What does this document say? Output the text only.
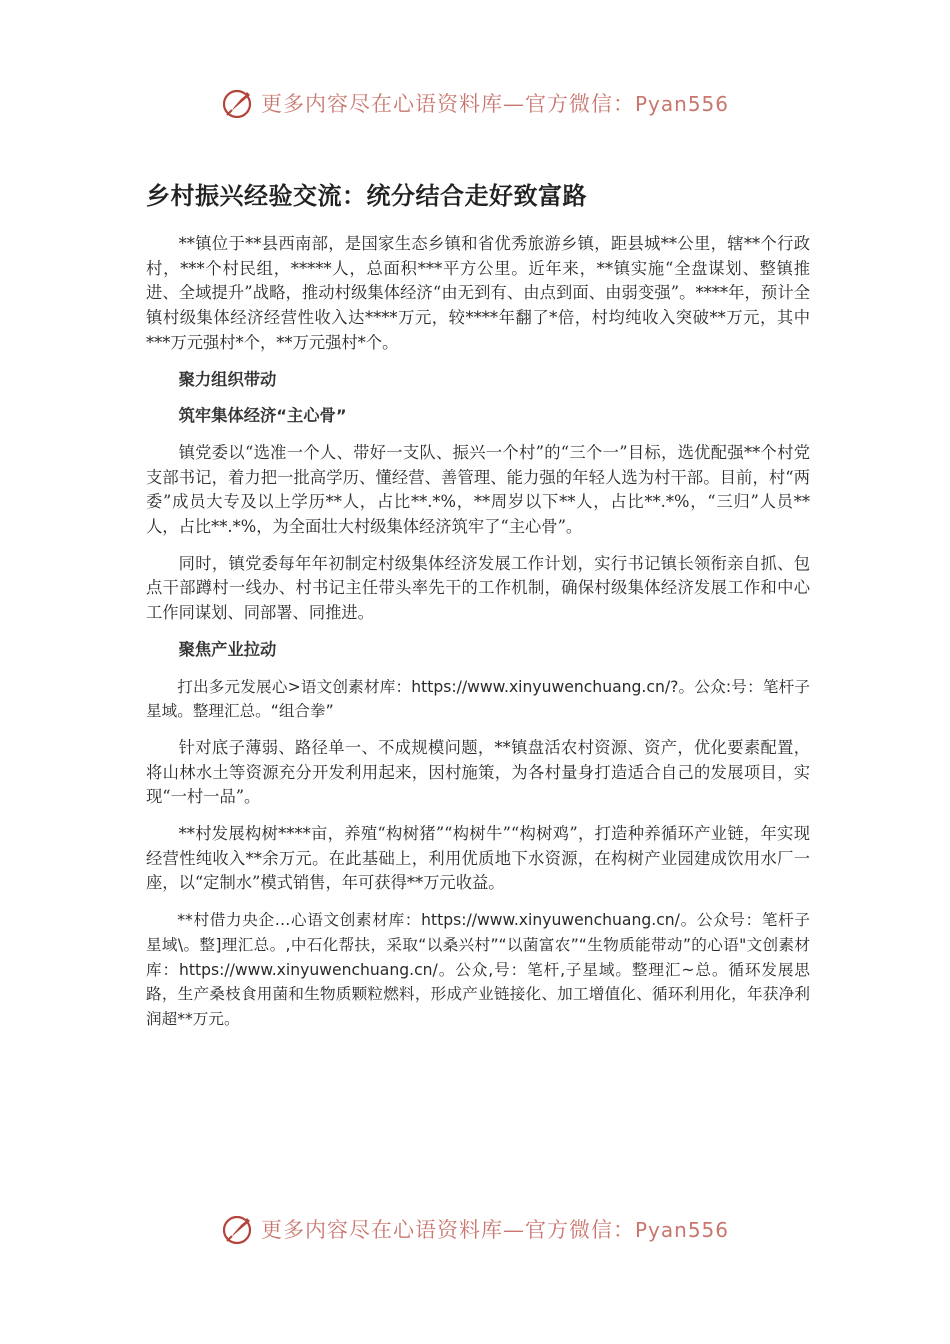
更多内容尽在心语资料库—官方微信：Pyan556
乡村振兴经验交流：统分结合走好致富路

**镇位于**县西南部，是国家生态乡镇和省优秀旅游乡镇，距县城**公里，辖**个行政村，***个村民组，*****人，总面积***平方公里。近年来，**镇实施“全盘谋划、整镇推进、全域提升”战略，推动村级集体经济“由无到有、由点到面、由弱变强”。****年，预计全镇村级集体经济经营性收入达****万元，较****年翻了*倍，村均纯收入突破**万元，其中***万元强村*个，**万元强村*个。

聚力组织带动
筑牢集体经济“主心骨”

镇党委以“选准一个人、带好一支队、振兴一个村”的“三个一”目标，选优配强**个村党支部书记，着力把一批高学历、懂经营、善管理、能力强的年轻人选为村干部。目前，村“两委”成员大专及以上学历**人，占比**.*%，**周岁以下**人，占比**.*%，“三归”人员**人，占比**.*%，为全面壮大村级集体经济筑牢了“主心骨”。

同时，镇党委每年年初制定村级集体经济发展工作计划，实行书记镇长领衔亲自抓、包点干部蹲村一线办、村书记主任带头率先干的工作机制，确保村级集体经济发展工作和中心工作同谋划、同部署、同推进。

聚焦产业拉动

打出多元发展心>语文创素材库：https://www.xinyuwenchuang.cn/?。公众:号：笔杆子星域。整理汇总。“组合拳”

针对底子薄弱、路径单一、不成规模问题，**镇盘活农村资源、资产，优化要素配置，将山林水土等资源充分开发利用起来，因村施策，为各村量身打造适合自己的发展项目，实现“一村一品”。

**村发展构树****亩，养殖“构树猪”“构树牛”“构树鸡”，打造种养循环产业链，年实现经营性纯收入**余万元。在此基础上，利用优质地下水资源，在构树产业园建成饮用水厂一座，以“定制水”模式销售，年可获得**万元收益。

**村借力央企…心语文创素材库：https://www.xinyuwenchuang.cn/。公众号：笔杆子星域\。整]理汇总。,中石化帮扶，采取“以桑兴村”“以菌富农”“生物质能带动”的心语"文创素材库：https://www.xinyuwenchuang.cn/。公众,号：笔杆,子星域。整理汇~总。循环发展思路，生产桑枝食用菌和生物质颗粒燃料，形成产业链接化、加工增值化、循环利用化，年获净利润超**万元。

更多内容尽在心语资料库—官方微信：Pyan556
